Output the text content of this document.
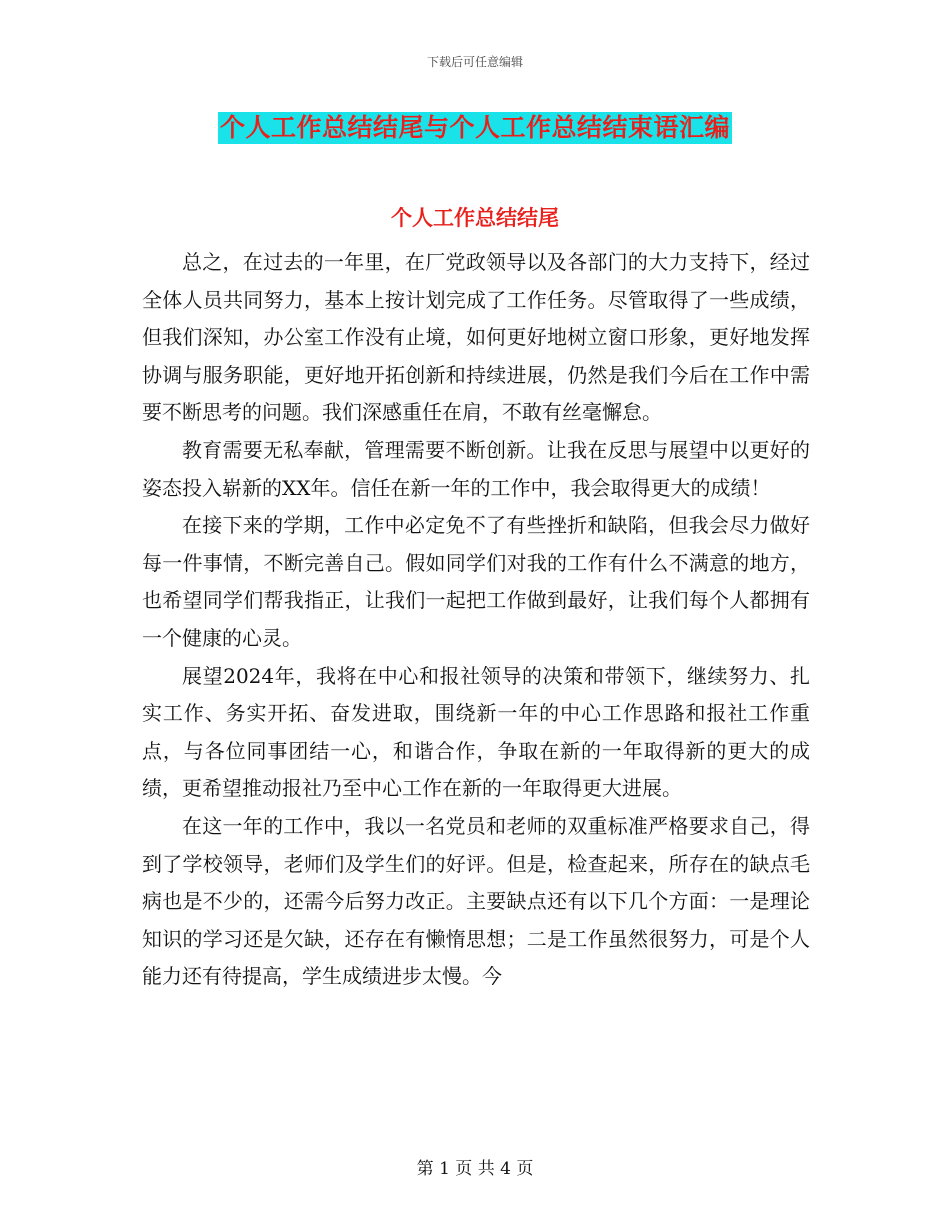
下载后可任意编辑
个人工作总结结尾与个人工作总结结束语汇编
个人工作总结结尾

总之，在过去的一年里，在厂党政领导以及各部门的大力支持下，经过全体人员共同努力，基本上按计划完成了工作任务。尽管取得了一些成绩，但我们深知，办公室工作没有止境，如何更好地树立窗口形象，更好地发挥协调与服务职能，更好地开拓创新和持续进展，仍然是我们今后在工作中需要不断思考的问题。我们深感重任在肩，不敢有丝毫懈怠。

教育需要无私奉献，管理需要不断创新。让我在反思与展望中以更好的姿态投入崭新的XX年。信任在新一年的工作中，我会取得更大的成绩！

在接下来的学期，工作中必定免不了有些挫折和缺陷，但我会尽力做好每一件事情，不断完善自己。假如同学们对我的工作有什么不满意的地方，也希望同学们帮我指正，让我们一起把工作做到最好，让我们每个人都拥有一个健康的心灵。

展望2024年，我将在中心和报社领导的决策和带领下，继续努力、扎实工作、务实开拓、奋发进取，围绕新一年的中心工作思路和报社工作重点，与各位同事团结一心，和谐合作，争取在新的一年取得新的更大的成绩，更希望推动报社乃至中心工作在新的一年取得更大进展。

在这一年的工作中，我以一名党员和老师的双重标准严格要求自己，得到了学校领导，老师们及学生们的好评。但是，检查起来，所存在的缺点毛病也是不少的，还需今后努力改正。主要缺点还有以下几个方面：一是理论知识的学习还是欠缺，还存在有懒惰思想；二是工作虽然很努力，可是个人能力还有待提高，学生成绩进步太慢。今

第 1 页 共 4 页
